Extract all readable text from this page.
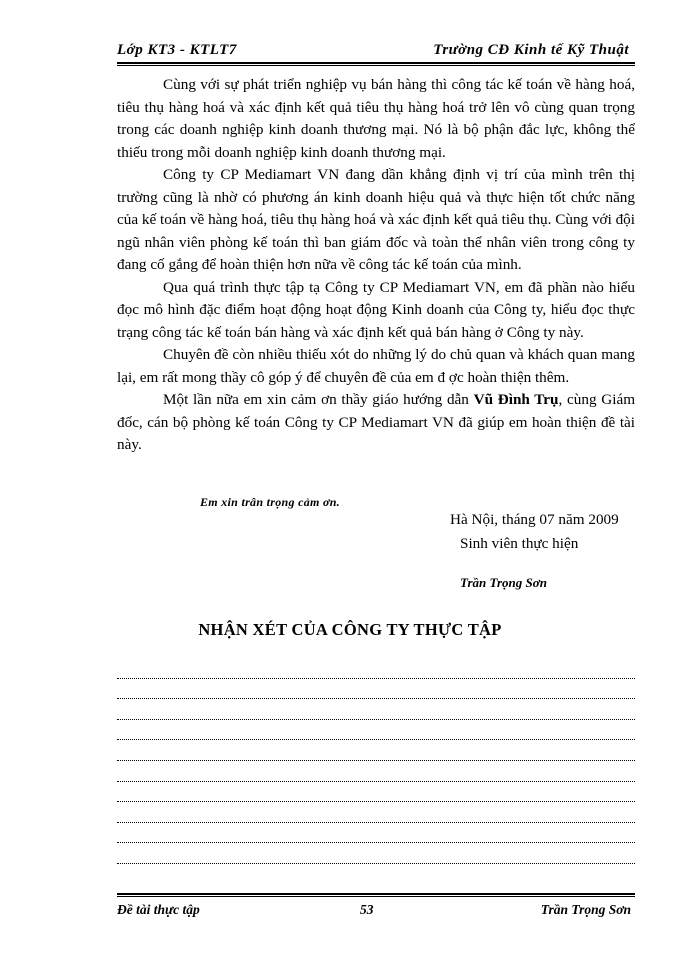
Lớp KT3 - KTLT7	Trường CĐ Kinh tế Kỹ Thuật

Cùng với sự phát triển nghiệp vụ bán hàng thì công tác kế toán về hàng hoá, tiêu thụ hàng hoá và xác định kết quả tiêu thụ hàng hoá trở lên vô cùng quan trọng trong các doanh nghiệp kinh doanh thương mại. Nó là bộ phận đắc lực, không thể thiếu trong mỗi doanh nghiệp kinh doanh thương mại.

Công ty CP Mediamart VN đang dần khẳng định vị trí của mình trên thị trường cũng là nhờ có phương án kinh doanh hiệu quả và thực hiện tốt chức năng của kế toán về hàng hoá, tiêu thụ hàng hoá và xác định kết quả tiêu thụ. Cùng với đội ngũ nhân viên phòng kế toán thì ban giám đốc và toàn thể nhân viên trong công ty đang cố gắng để hoàn thiện hơn nữa về công tác kế toán của mình.

Qua quá trình thực tập tạ Công ty CP Mediamart VN, em đã phần nào hiểu đọc mô hình đặc điểm hoạt động hoạt động Kinh doanh của Công ty, hiểu đọc thực trạng công tác kế toán bán hàng và xác định kết quả bán hàng ở Công ty này.

Chuyên đề còn nhiều thiếu xót do những lý do chủ quan và khách quan mang lại, em rất mong thầy cô góp ý để chuyên đề của em đ ợc hoàn thiện thêm.

Một lần nữa em xin cảm ơn thầy giáo hướng dẫn Vũ Đình Trụ, cùng Giám đốc, cán bộ phòng kế toán Công ty CP Mediamart VN đã giúp em hoàn thiện đề tài này.

Em xin trân trọng cảm ơn.
Hà Nội, tháng 07 năm 2009
Sinh viên thực hiện
Trần Trọng Sơn
NHẬN XÉT CỦA CÔNG TY THỰC TẬP
Đề tài thực tập	53	Trần Trọng Sơn
